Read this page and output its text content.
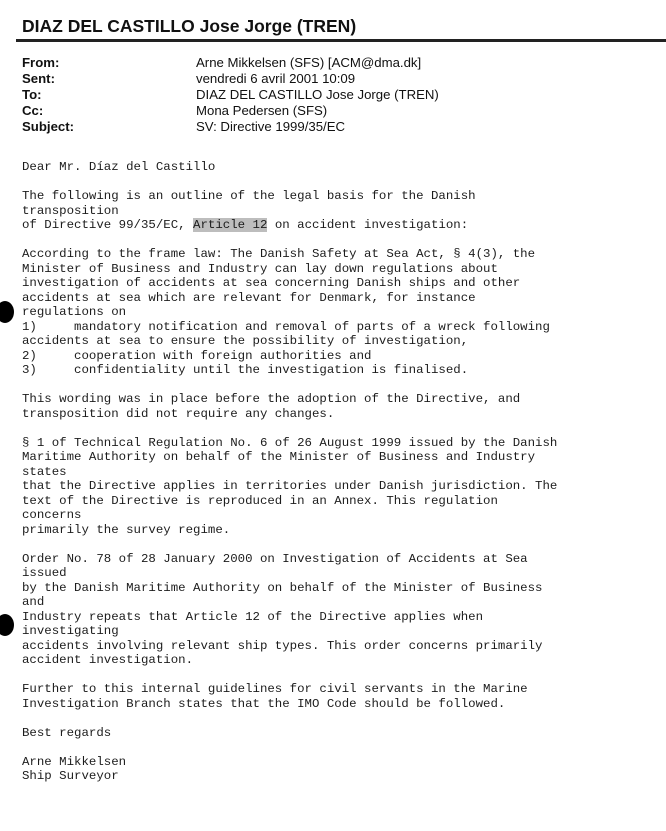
DIAZ DEL CASTILLO Jose Jorge (TREN)
From:	Arne Mikkelsen (SFS) [ACM@dma.dk]
Sent:	vendredi 6 avril 2001 10:09
To:	DIAZ DEL CASTILLO Jose Jorge (TREN)
Cc:	Mona Pedersen (SFS)
Subject:	SV: Directive 1999/35/EC

Dear Mr. Díaz del Castillo

The following is an outline of the legal basis for the Danish
transposition
of Directive 99/35/EC, Article 12 on accident investigation:

According to the frame law: The Danish Safety at Sea Act, § 4(3), the
Minister of Business and Industry can lay down regulations about
investigation of accidents at sea concerning Danish ships and other
accidents at sea which are relevant for Denmark, for instance
regulations on
1)     mandatory notification and removal of parts of a wreck following
accidents at sea to ensure the possibility of investigation,
2)     cooperation with foreign authorities and
3)     confidentiality until the investigation is finalised.

This wording was in place before the adoption of the Directive, and
transposition did not require any changes.

§ 1 of Technical Regulation No. 6 of 26 August 1999 issued by the Danish
Maritime Authority on behalf of the Minister of Business and Industry
states
that the Directive applies in territories under Danish jurisdiction. The
text of the Directive is reproduced in an Annex. This regulation
concerns
primarily the survey regime.

Order No. 78 of 28 January 2000 on Investigation of Accidents at Sea
issued
by the Danish Maritime Authority on behalf of the Minister of Business
and
Industry repeats that Article 12 of the Directive applies when
investigating
accidents involving relevant ship types. This order concerns primarily
accident investigation.

Further to this internal guidelines for civil servants in the Marine
Investigation Branch states that the IMO Code should be followed.

Best regards

Arne Mikkelsen
Ship Surveyor
